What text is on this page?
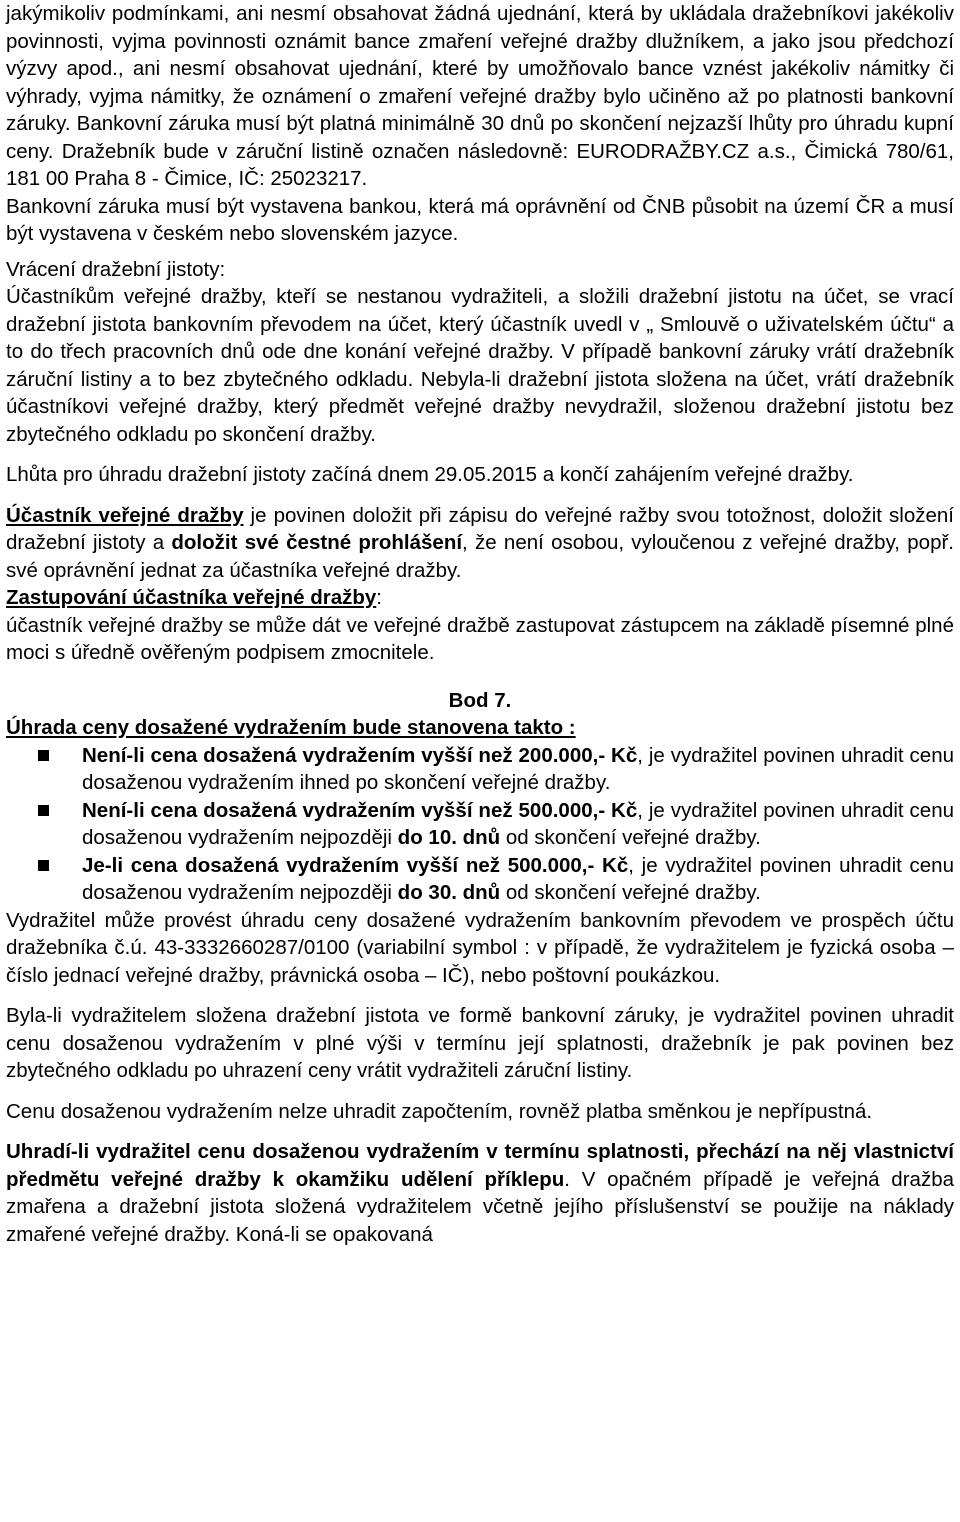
jakýmikoliv podmínkami, ani nesmí obsahovat žádná ujednání, která by ukládala dražebníkovi jakékoliv povinnosti, vyjma povinnosti oznámit bance zmaření veřejné dražby dlužníkem, a jako jsou předchozí výzvy apod., ani nesmí obsahovat ujednání, které by umožňovalo bance vznést jakékoliv námitky či výhrady, vyjma námitky, že oznámení o zmaření veřejné dražby bylo učiněno až po platnosti bankovní záruky. Bankovní záruka musí být platná minimálně 30 dnů po skončení nejzazší lhůty pro úhradu kupní ceny. Dražebník bude v záruční listině označen následovně: EURODRAŽBY.CZ a.s., Čimická 780/61, 181 00 Praha 8 - Čimice, IČ: 25023217.

Bankovní záruka musí být vystavena bankou, která má oprávnění od ČNB působit na území ČR a musí být vystavena v českém nebo slovenském jazyce.

Vrácení dražební jistoty:

Účastníkům veřejné dražby, kteří se nestanou vydražiteli, a složili dražební jistotu na účet, se vrací dražební jistota bankovním převodem na účet, který účastník uvedl v „ Smlouvě o uživatelském účtu“ a to do třech pracovních dnů ode dne konání veřejné dražby. V případě bankovní záruky vrátí dražebník záruční listiny a to bez zbytečného odkladu. Nebyla-li dražební jistota složena na účet, vrátí dražebník účastníkovi veřejné dražby, který předmět veřejné dražby nevydražil, složenou dražební jistotu bez zbytečného odkladu po skončení dražby.

Lhůta pro úhradu dražební jistoty začíná dnem 29.05.2015 a končí zahájením veřejné dražby.

Účastník veřejné dražby je povinen doložit při zápisu do veřejné ražby svou totožnost, doložit složení dražební jistoty a doložit své čestné prohlášení, že není osobou, vyloučenou z veřejné dražby, popř. své oprávnění jednat za účastníka veřejné dražby.

Zastupování účastníka veřejné dražby:

účastník veřejné dražby se může dát ve veřejné dražbě zastupovat zástupcem na základě písemné plné moci s úředně ověřeným podpisem zmocnitele.

Bod 7.

Úhrada ceny dosažené vydražením bude stanovena takto :

Není-li cena dosažená vydražením vyšší než 200.000,- Kč, je vydražitel povinen uhradit cenu dosaženou vydražením ihned po skončení veřejné dražby.
Není-li cena dosažená vydražením vyšší než 500.000,- Kč, je vydražitel povinen uhradit cenu dosaženou vydražením nejpozději do 10. dnů od skončení veřejné dražby.
Je-li cena dosažená vydražením vyšší než 500.000,- Kč, je vydražitel povinen uhradit cenu dosaženou vydražením nejpozději do 30. dnů od skončení veřejné dražby.

Vydražitel může provést úhradu ceny dosažené vydražením bankovním převodem ve prospěch účtu dražebníka č.ú. 43-3332660287/0100 (variabilní symbol : v případě, že vydražitelem je fyzická osoba – číslo jednací veřejné dražby, právnická osoba – IČ), nebo poštovní poukázkou.

Byla-li vydražitelem složena dražební jistota ve formě bankovní záruky, je vydražitel povinen uhradit cenu dosaženou vydražením v plné výši v termínu její splatnosti, dražebník je pak povinen bez zbytečného odkladu po uhrazení ceny vrátit vydražiteli záruční listiny.

Cenu dosaženou vydražením nelze uhradit započtením, rovněž platba směnkou je nepřípustná.

Uhradí-li vydražitel cenu dosaženou vydražením v termínu splatnosti, přechází na něj vlastnictví předmětu veřejné dražby k okamžiku udělení příklepu. V opačném případě je veřejná dražba zmařena a dražební jistota složená vydražitelem včetně jejího příslušenství se použije na náklady zmařené veřejné dražby. Koná-li se opakovaná
